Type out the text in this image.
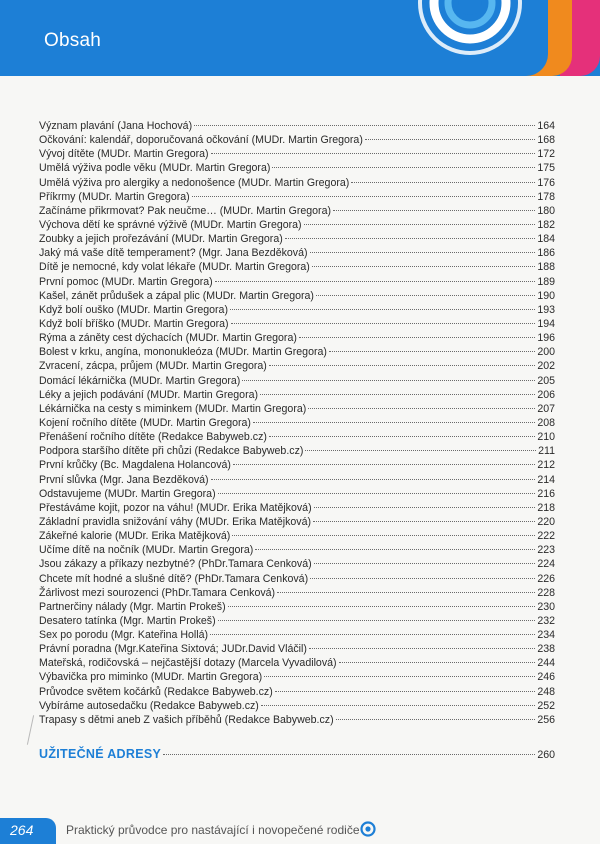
Obsah
Význam plavání (Jana Hochová)	164
Očkování: kalendář, doporučovaná očkování (MUDr. Martin Gregora)	168
Vývoj dítěte (MUDr. Martin Gregora)	172
Umělá výživa podle věku (MUDr. Martin Gregora)	175
Umělá výživa pro alergiky a nedonošence (MUDr. Martin Gregora)	176
Příkrmy (MUDr. Martin Gregora)	178
Začínáme přikrmovat? Pak neučme… (MUDr. Martin Gregora)	180
Výchova dětí ke správné výživě (MUDr. Martin Gregora)	182
Zoubky a jejich prořezávání (MUDr. Martin Gregora)	184
Jaký má vaše dítě temperament? (Mgr. Jana Bezděková)	186
Dítě je nemocné, kdy volat lékaře (MUDr. Martin Gregora)	188
První pomoc (MUDr. Martin Gregora)	189
Kašel, zánět průdušek a zápal plic (MUDr. Martin Gregora)	190
Když bolí ouško (MUDr. Martin Gregora)	193
Když bolí bříško (MUDr. Martin Gregora)	194
Rýma a záněty cest dýchacích (MUDr. Martin Gregora)	196
Bolest v krku, angína, mononukleóza (MUDr. Martin Gregora)	200
Zvracení, zácpa, průjem (MUDr. Martin Gregora)	202
Domácí lékárnička (MUDr. Martin Gregora)	205
Léky a jejich podávání (MUDr. Martin Gregora)	206
Lékárnička na cesty s miminkem (MUDr. Martin Gregora)	207
Kojení ročního dítěte (MUDr. Martin Gregora)	208
Přenášení ročního dítěte (Redakce Babyweb.cz)	210
Podpora staršího dítěte při chůzi (Redakce Babyweb.cz)	211
První krůčky (Bc. Magdalena Holancová)	212
První slůvka (Mgr. Jana Bezděková)	214
Odstavujeme (MUDr. Martin Gregora)	216
Přestáváme kojit, pozor na váhu! (MUDr. Erika Matějková)	218
Základní pravidla snižování váhy (MUDr. Erika Matějková)	220
Zákeřné kalorie (MUDr. Erika Matějková)	222
Učíme dítě na nočník (MUDr. Martin Gregora)	223
Jsou zákazy a příkazy nezbytné? (PhDr.Tamara Cenková)	224
Chcete mít hodné a slušné dítě? (PhDr.Tamara Cenková)	226
Žárlivost mezi sourozenci (PhDr.Tamara Cenková)	228
Partnerčiny nálady (Mgr. Martin Prokeš)	230
Desatero tatínka (Mgr. Martin Prokeš)	232
Sex po porodu (Mgr. Kateřina Hollá)	234
Právní poradna (Mgr.Kateřina Sixtová; JUDr.David Vláčil)	238
Mateřská, rodičovská – nejčastější dotazy (Marcela Vyvadilová)	244
Výbavička pro miminko (MUDr. Martin Gregora)	246
Průvodce světem kočárků (Redakce Babyweb.cz)	248
Vybíráme autosedačku (Redakce Babyweb.cz)	252
Trapasy s dětmi aneb Z vašich příběhů (Redakce Babyweb.cz)	256
UŽITEČNÉ ADRESY	260
264	Praktický průvodce pro nastávající i novopečené rodiče
